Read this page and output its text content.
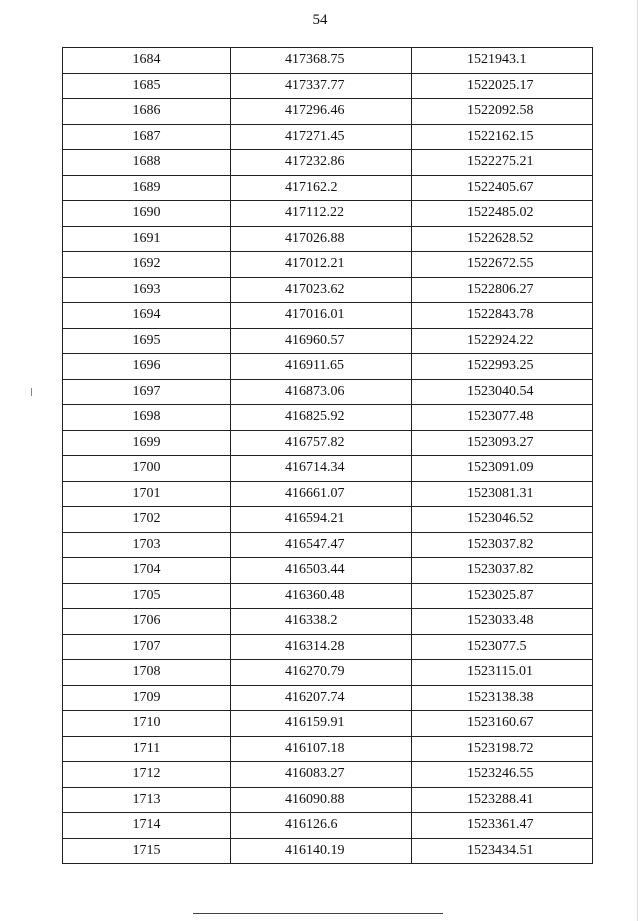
54
1684	417368.75	1521943.1
1685	417337.77	1522025.17
1686	417296.46	1522092.58
1687	417271.45	1522162.15
1688	417232.86	1522275.21
1689	417162.2	1522405.67
1690	417112.22	1522485.02
1691	417026.88	1522628.52
1692	417012.21	1522672.55
1693	417023.62	1522806.27
1694	417016.01	1522843.78
1695	416960.57	1522924.22
1696	416911.65	1522993.25
1697	416873.06	1523040.54
1698	416825.92	1523077.48
1699	416757.82	1523093.27
1700	416714.34	1523091.09
1701	416661.07	1523081.31
1702	416594.21	1523046.52
1703	416547.47	1523037.82
1704	416503.44	1523037.82
1705	416360.48	1523025.87
1706	416338.2	1523033.48
1707	416314.28	1523077.5
1708	416270.79	1523115.01
1709	416207.74	1523138.38
1710	416159.91	1523160.67
1711	416107.18	1523198.72
1712	416083.27	1523246.55
1713	416090.88	1523288.41
1714	416126.6	1523361.47
1715	416140.19	1523434.51
